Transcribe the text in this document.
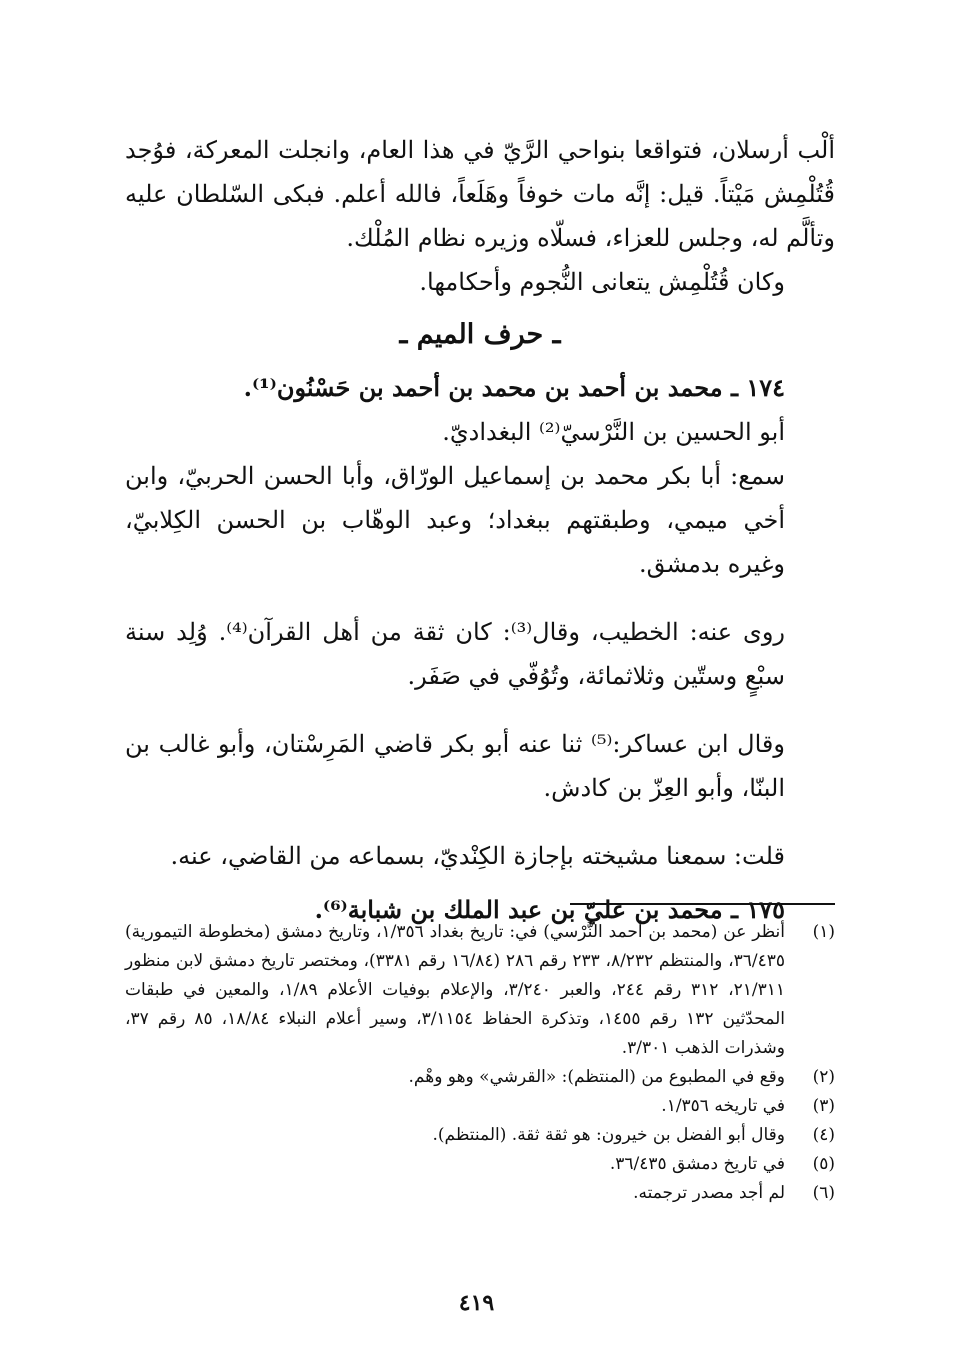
ألْب أرسلان، فتواقعا بنواحي الرَّيّ في هذا العام، وانجلت المعركة، فوُجد قُتُلْمِش مَيْتاً. قيل: إنَّه مات خوفاً وهَلَعاً، فالله أعلم. فبكى السّلطان عليه وتألَّم له، وجلس للعزاء، فسلّاه وزيره نظام المُلْك.

وكان قُتُلْمِش يتعانى النُّجوم وأحكامها.

ـ حرف الميم ـ

١٧٤ ـ محمد بن أحمد بن محمد بن أحمد بن حَسْنُون⁽¹⁾.

أبو الحسين بن النَّرْسيّ⁽²⁾ البغداديّ.

سمع: أبا بكر محمد بن إسماعيل الورّاق، وأبا الحسن الحربيّ، وابن أخي ميمي، وطبقتهم ببغداد؛ وعبد الوهّاب بن الحسن الكِلابيّ، وغيره بدمشق.

روى عنه: الخطيب، وقال⁽³⁾: كان ثقة من أهل القرآن⁽⁴⁾. وُلِد سنة سبْعٍ وستّين وثلاثمائة، وتُوُفّي في صَفَر.

وقال ابن عساكر:⁽⁵⁾ ثنا عنه أبو بكر قاضي المَرِسْتان، وأبو غالب بن البنّا، وأبو العِزّ بن كادش.

قلت: سمعنا مشيخته بإجازة الكِنْديّ، بسماعه من القاضي، عنه.

١٧٥ ـ محمد بن عليّ بن عبد الملك بن شبابة⁽⁶⁾.

(١)
أنظر عن (محمد بن أحمد النَّرْسي) في: تاريخ بغداد ١/٣٥٦، وتاريخ دمشق (مخطوطة التيمورية) ٣٦/٤٣٥، والمنتظم ٨/٢٣٢، ٢٣٣ رقم ٢٨٦ (١٦/٨٤ رقم ٣٣٨١)، ومختصر تاريخ دمشق لابن منظور ٢١/٣١١، ٣١٢ رقم ٢٤٤، والعبر ٣/٢٤٠، والإعلام بوفيات الأعلام ١/٨٩، والمعين في طبقات المحدّثين ١٣٢ رقم ١٤٥٥، وتذكرة الحفاظ ٣/١١٥٤، وسير أعلام النبلاء ١٨/٨٤، ٨٥ رقم ٣٧، وشذرات الذهب ٣/٣٠١.
(٢)
وقع في المطبوع من (المنتظم): «القرشي» وهو وهْم.
(٣)
في تاريخه ١/٣٥٦.
(٤)
وقال أبو الفضل بن خيرون: هو ثقة ثقة. (المنتظم).
(٥)
في تاريخ دمشق ٣٦/٤٣٥.
(٦)
لم أجد مصدر ترجمته.
٤١٩
